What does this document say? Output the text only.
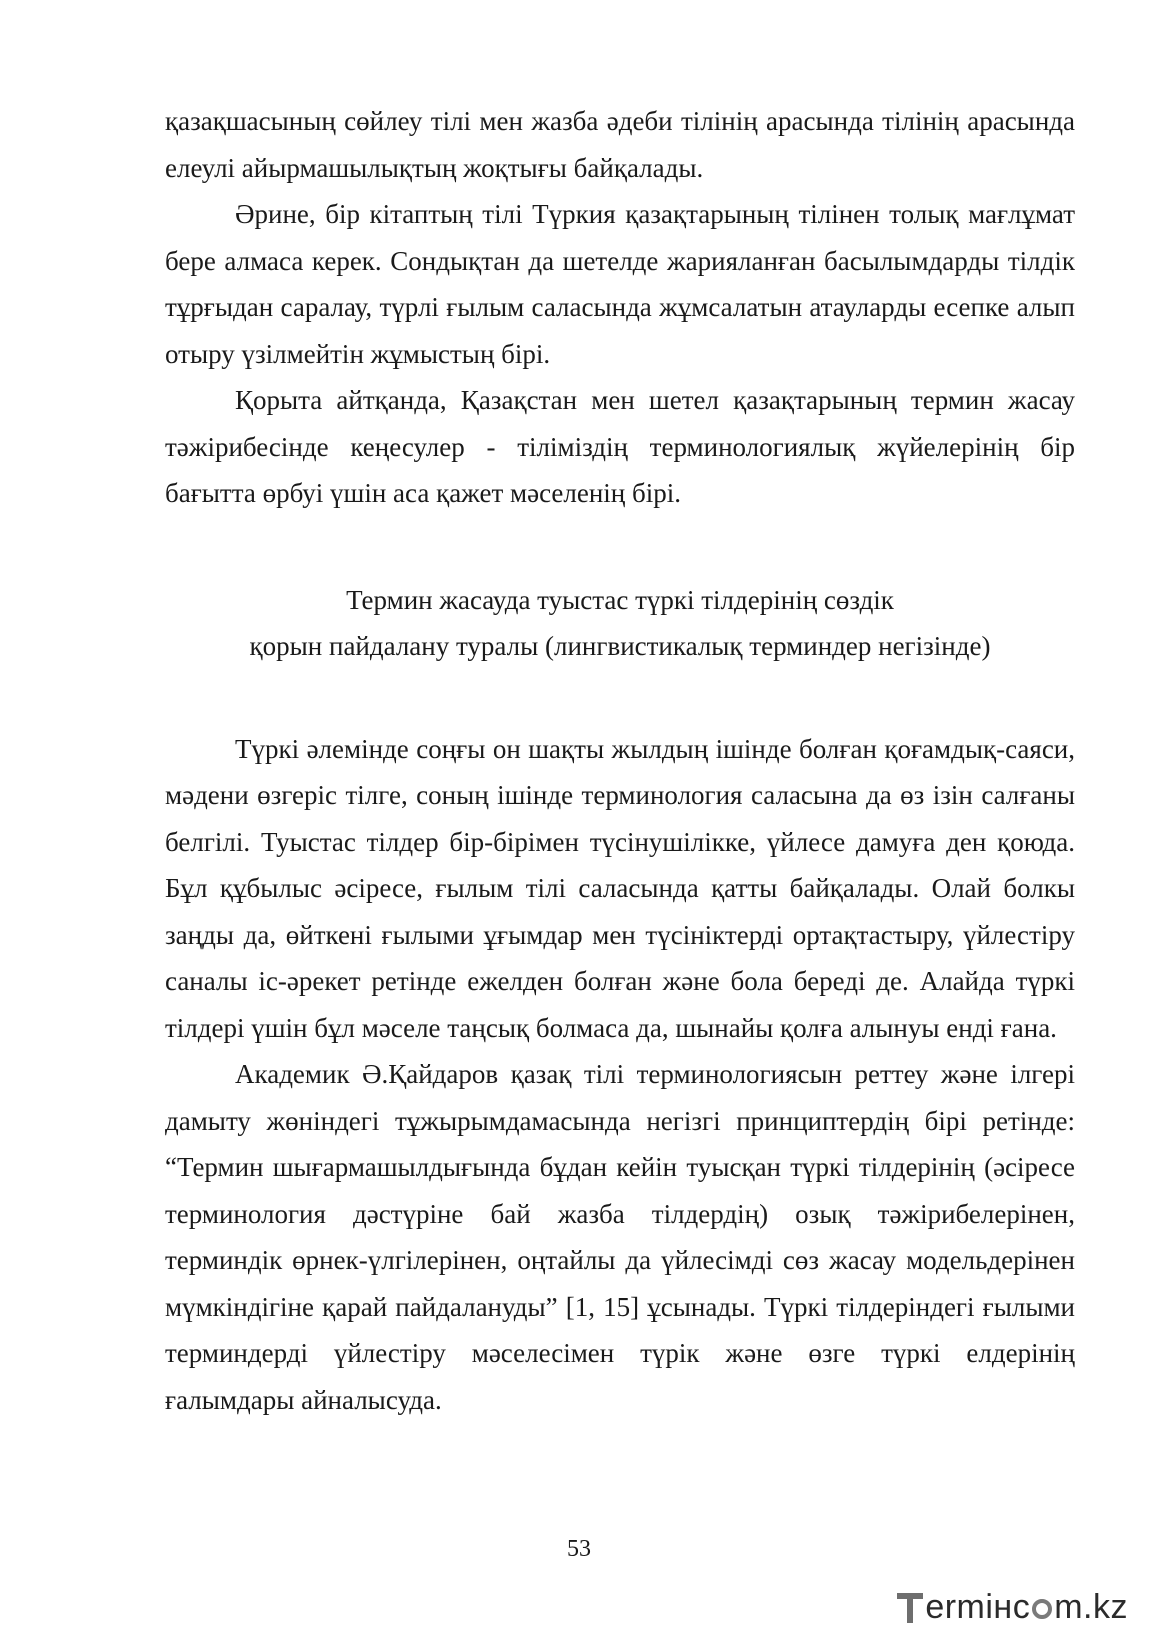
қазақшасының сөйлеу тілі мен жазба әдеби тілінің арасында тілінің арасында елеулі айырмашылықтың жоқтығы байқалады.

Әрине, бір кітаптың тілі Түркия қазақтарының тілінен толық мағлұмат бере алмаса керек. Сондықтан да шетелде жарияланған басылымдарды тілдік тұрғыдан саралау, түрлі ғылым саласында жұмсалатын атауларды есепке алып отыру үзілмейтін жұмыстың бірі.

Қорыта айтқанда, Қазақстан мен шетел қазақтарының термин жасау тәжірибесінде кеңесулер - тіліміздің терминологиялық жүйелерінің бір бағытта өрбуі үшін аса қажет мәселенің бірі.

Термин жасауда туыстас түркі тілдерінің сөздік
қорын пайдалану туралы (лингвистикалық терминдер негізінде)

Түркі әлемінде соңғы он шақты жылдың ішінде болған қоғамдық-саяси, мәдени өзгеріс тілге, соның ішінде терминология саласына да өз ізін салғаны белгілі. Туыстас тілдер бір-бірімен түсінушілікке, үйлесе дамуға ден қоюда. Бұл құбылыс әсіресе, ғылым тілі саласында қатты байқалады. Олай болкы заңды да, өйткені ғылыми ұғымдар мен түсініктерді ортақтастыру, үйлестіру саналы іс-әрекет ретінде ежелден болған және бола береді де. Алайда түркі тілдері үшін бұл мәселе таңсық болмаса да, шынайы қолға алынуы енді ғана.

Академик Ә.Қайдаров қазақ тілі терминологиясын реттеу және ілгері дамыту жөніндегі тұжырымдамасында негізгі принциптердің бірі ретінде: “Термин шығармашылдығында бұдан кейін туысқан түркі тілдерінің (әсіресе терминология дәстүріне бай жазба тілдердің) озық тәжірибелерінен, терминдік өрнек-үлгілерінен, оңтайлы да үйлесімді сөз жасау модельдерінен мүмкіндігіне қарай пайдалануды” [1, 15] ұсынады. Түркі тілдеріндегі ғылыми терминдерді үйлестіру мәселесімен түрік және өзге түркі елдерінің ғалымдары айналысуда.

53
ermінc m.kz
